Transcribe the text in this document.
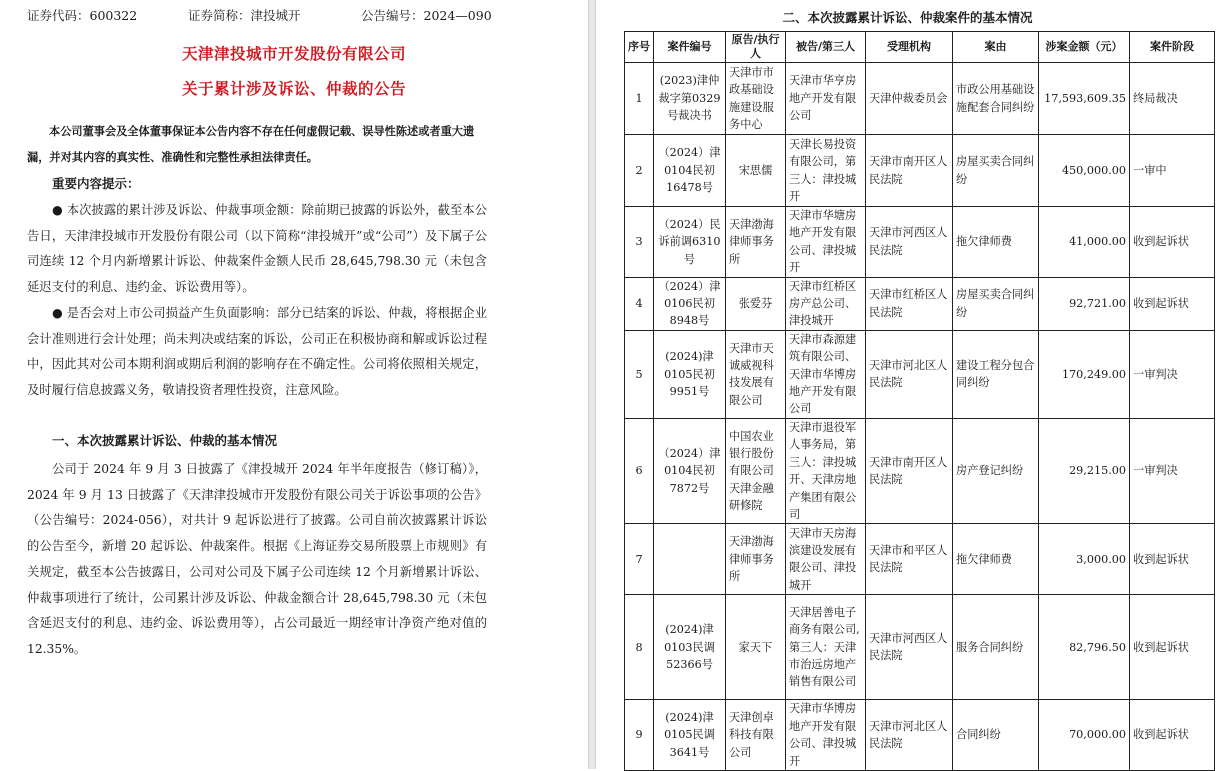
证券代码：600322	证券简称：津投城开	公告编号：2024—090
天津津投城市开发股份有限公司
关于累计涉及诉讼、仲裁的公告
本公司董事会及全体董事保证本公告内容不存在任何虚假记载、误导性陈述或者重大遗漏，并对其内容的真实性、准确性和完整性承担法律责任。
重要内容提示：
● 本次披露的累计涉及诉讼、仲裁事项金额：除前期已披露的诉讼外，截至本公告日，天津津投城市开发股份有限公司（以下简称“津投城开”或“公司”）及下属子公司连续 12 个月内新增累计诉讼、仲裁案件金额人民币 28,645,798.30 元（未包含延迟支付的利息、违约金、诉讼费用等）。
● 是否会对上市公司损益产生负面影响：部分已结案的诉讼、仲裁，将根据企业会计准则进行会计处理；尚未判决或结案的诉讼，公司正在积极协商和解或诉讼过程中，因此其对公司本期利润或期后利润的影响存在不确定性。公司将依照相关规定，及时履行信息披露义务，敬请投资者理性投资，注意风险。
一、本次披露累计诉讼、仲裁的基本情况
公司于 2024 年 9 月 3 日披露了《津投城开 2024 年半年度报告（修订稿）》，2024 年 9 月 13 日披露了《天津津投城市开发股份有限公司关于诉讼事项的公告》（公告编号：2024-056），对共计 9 起诉讼进行了披露。公司自前次披露累计诉讼的公告至今，新增 20 起诉讼、仲裁案件。根据《上海证券交易所股票上市规则》有关规定，截至本公告披露日，公司对公司及下属子公司连续 12 个月新增累计诉讼、仲裁事项进行了统计，公司累计涉及诉讼、仲裁金额合计 28,645,798.30 元（未包含延迟支付的利息、违约金、诉讼费用等），占公司最近一期经审计净资产绝对值的 12.35%。
二、本次披露累计诉讼、仲裁案件的基本情况
序号	案件编号	原告/执行人	被告/第三人	受理机构	案由	涉案金额（元）	案件阶段
1	(2023)津仲裁字第0329号裁决书	天津市市政基础设施建设服务中心	天津市华亨房地产开发有限公司	天津仲裁委员会	市政公用基础设施配套合同纠纷	17,593,609.35	终局裁决
2	（2024）津0104民初16478号	宋思儒	天津长易投资有限公司，第三人：津投城开	天津市南开区人民法院	房屋买卖合同纠纷	450,000.00	一审中
3	（2024）民诉前调6310号	天津渤海律师事务所	天津市华塘房地产开发有限公司、津投城开	天津市河西区人民法院	拖欠律师费	41,000.00	收到起诉状
4	（2024）津0106民初8948号	张爱芬	天津市红桥区房产总公司、津投城开	天津市红桥区人民法院	房屋买卖合同纠纷	92,721.00	收到起诉状
5	(2024)津0105民初9951号	天津市天诚威视科技发展有限公司	天津市森源建筑有限公司、天津市华博房地产开发有限公司	天津市河北区人民法院	建设工程分包合同纠纷	170,249.00	一审判决
6	（2024）津0104民初7872号	中国农业银行股份有限公司天津金融研修院	天津市退役军人事务局，第三人：津投城开、天津房地产集团有限公司	天津市南开区人民法院	房产登记纠纷	29,215.00	一审判决
7		天津渤海律师事务所	天津市天房海滨建设发展有限公司、津投城开	天津市和平区人民法院	拖欠律师费	3,000.00	收到起诉状
8	(2024)津0103民调52366号	家天下	天津居善电子商务有限公司,第三人：天津市治远房地产销售有限公司	天津市河西区人民法院	服务合同纠纷	82,796.50	收到起诉状
9	(2024)津0105民调3641号	天津创卓科技有限公司	天津市华博房地产开发有限公司、津投城开	天津市河北区人民法院	合同纠纷	70,000.00	收到起诉状
